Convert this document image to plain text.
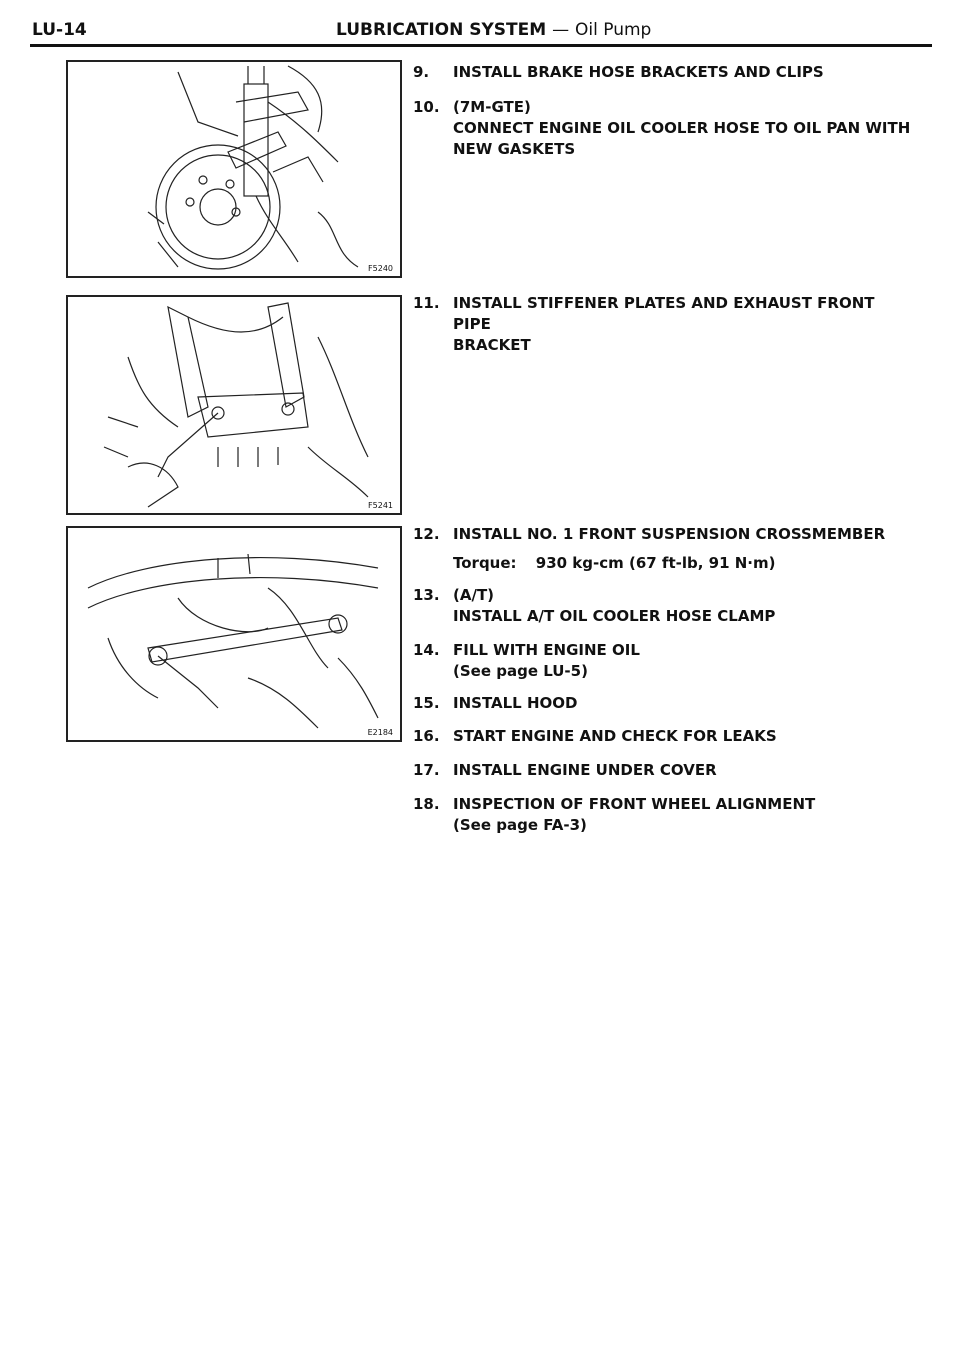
LU-14	LUBRICATION SYSTEM — Oil Pump
F5240
F5241
E2184
9.	INSTALL BRAKE HOSE BRACKETS AND CLIPS
10. (7M-GTE)
CONNECT ENGINE OIL COOLER HOSE TO OIL PAN WITH
NEW GASKETS
11. INSTALL STIFFENER PLATES AND EXHAUST FRONT PIPE
BRACKET
12. INSTALL NO. 1 FRONT SUSPENSION CROSSMEMBER
Torque: 930 kg-cm (67 ft-lb, 91 N·m)
13. (A/T)
INSTALL A/T OIL COOLER HOSE CLAMP
14. FILL WITH ENGINE OIL
(See page LU-5)
15. INSTALL HOOD
16. START ENGINE AND CHECK FOR LEAKS
17. INSTALL ENGINE UNDER COVER
18. INSPECTION OF FRONT WHEEL ALIGNMENT
(See page FA-3)
